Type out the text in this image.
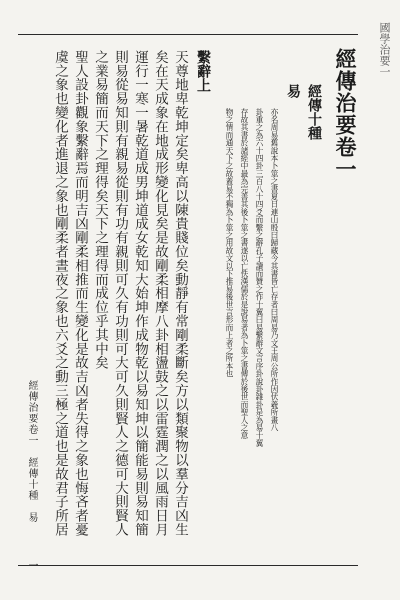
國學治要一
經傳治要卷一
經傳十種
易
亦名周易舊說本卜筮之書夏日連山殷曰歸藏今其書皆亡存者曰周易乃文王周公所作因伏羲所畫八
卦重之為六十四卦三百八十四爻而繫之辭孔子讀而贊之作十翼曰易繫辭文言序卦說卦雜卦是為易十翼
存故其書於諸經中最為完善其後卜筮之書遂以亡佚漢儒於是說易者為卜筮之書傳於後世而聖人之意
物之情而通天下之故蓋易不獨為卜筮之用故文以下推易後世言形而上者之所本也
繫辭上
天尊地卑乾坤定矣卑高以陳貴賤位矣動靜有常剛柔斷矣方以類聚物以羣分吉凶生
矣在天成象在地成形變化見矣是故剛柔相摩八卦相盪鼓之以雷霆潤之以風雨日月
運行一寒一暑乾道成男坤道成女乾知大始坤作成物乾以易知坤以簡能易則易知簡
則易從易知則有親易從則有功有親則可久有功則可大可久則賢人之德可大則賢人
之業易簡而天下之理得矣天下之理得而成位乎其中矣
聖人設卦觀象繫辭焉而明吉凶剛柔相推而生變化是故吉凶者失得之象也悔吝者憂
虞之象也變化者進退之象也剛柔者晝夜之象也六爻之動三極之道也是故君子所居
經傳治要卷一　經傳十種　易
一
